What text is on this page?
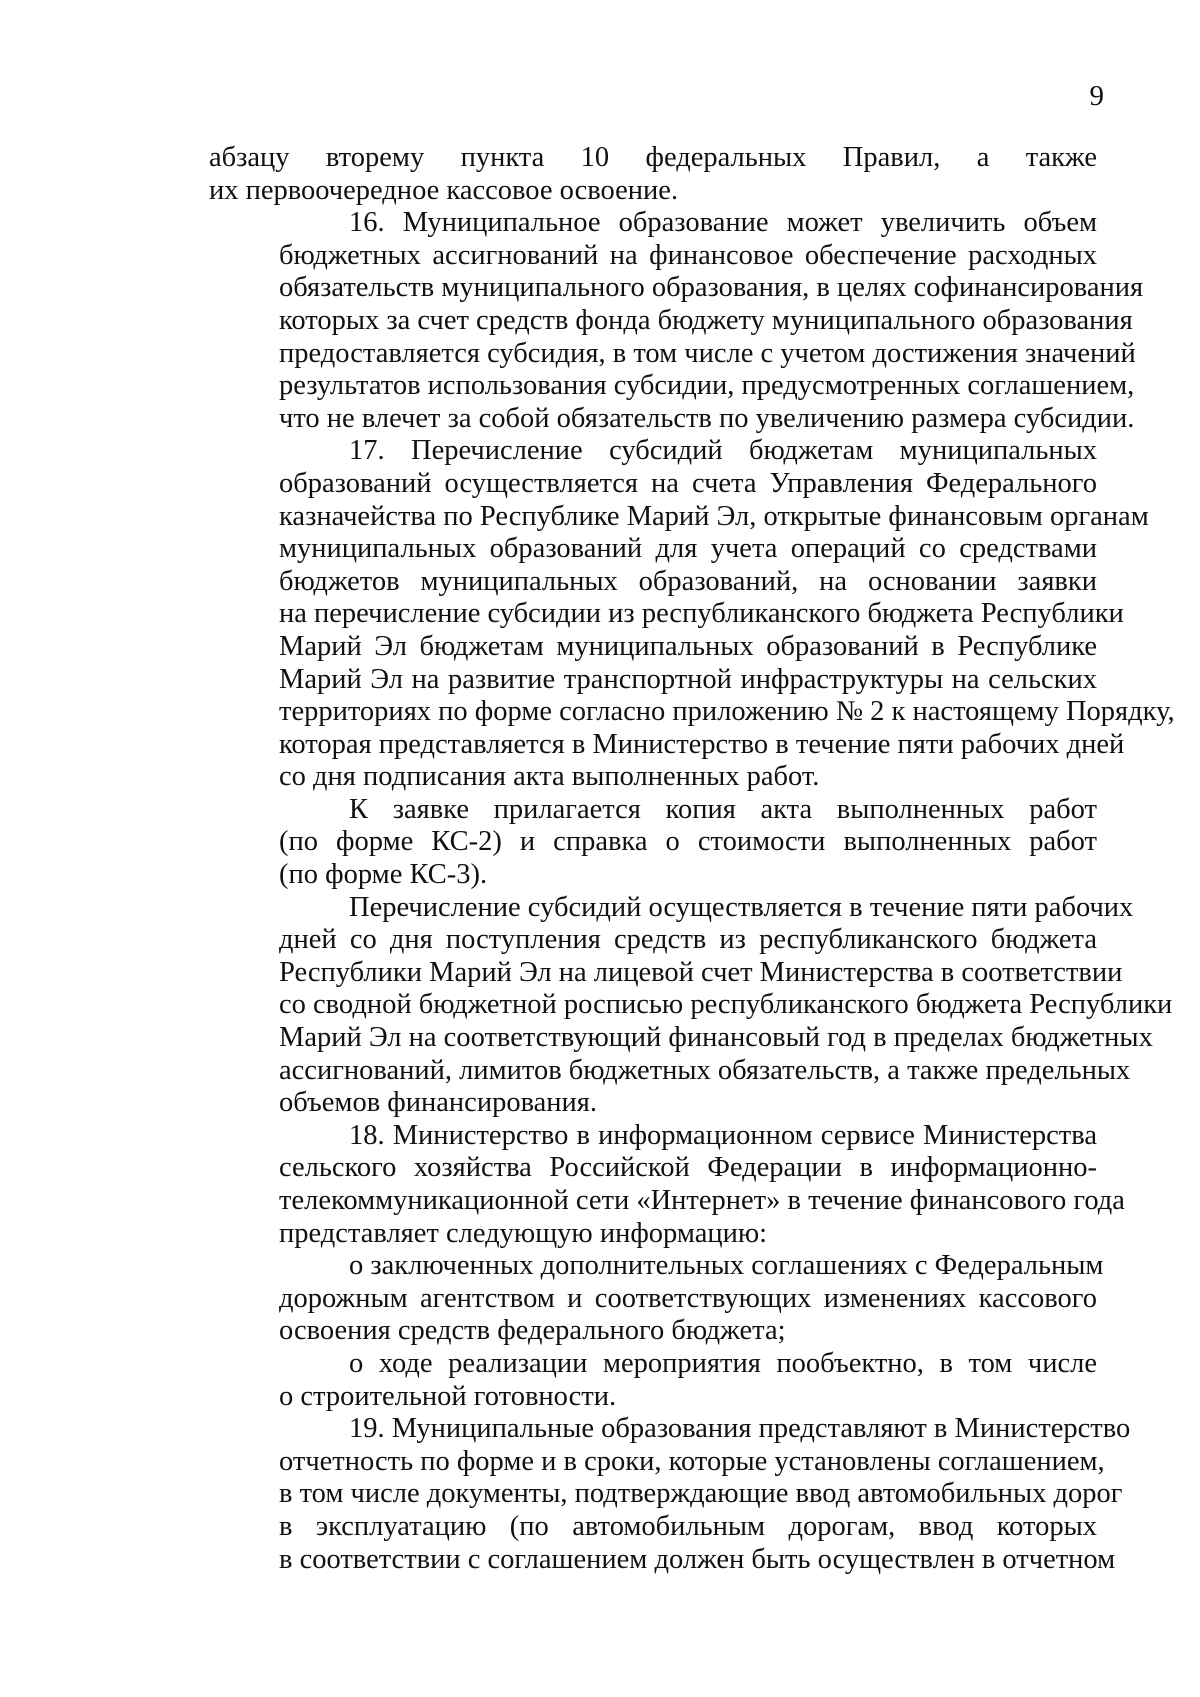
9

абзацу вторему пункта 10 федеральных Правил, а также
их первоочередное кассовое освоение.

16. Муниципальное образование может увеличить объем
бюджетных ассигнований на финансовое обеспечение расходных
обязательств муниципального образования, в целях софинансирования
которых за счет средств фонда бюджету муниципального образования
предоставляется субсидия, в том числе с учетом достижения значений
результатов использования субсидии, предусмотренных соглашением,
что не влечет за собой обязательств по увеличению размера субсидии.

17. Перечисление субсидий бюджетам муниципальных
образований осуществляется на счета Управления Федерального
казначейства по Республике Марий Эл, открытые финансовым органам
муниципальных образований для учета операций со средствами
бюджетов муниципальных образований, на основании заявки
на перечисление субсидии из республиканского бюджета Республики
Марий Эл бюджетам муниципальных образований в Республике
Марий Эл на развитие транспортной инфраструктуры на сельских
территориях по форме согласно приложению № 2 к настоящему Порядку,
которая представляется в Министерство в течение пяти рабочих дней
со дня подписания акта выполненных работ.

К заявке прилагается копия акта выполненных работ
(по форме КС-2) и справка о стоимости выполненных работ
(по форме КС-3).

Перечисление субсидий осуществляется в течение пяти рабочих
дней со дня поступления средств из республиканского бюджета
Республики Марий Эл на лицевой счет Министерства в соответствии
со сводной бюджетной росписью республиканского бюджета Республики
Марий Эл на соответствующий финансовый год в пределах бюджетных
ассигнований, лимитов бюджетных обязательств, а также предельных
объемов финансирования.

18. Министерство в информационном сервисе Министерства
сельского хозяйства Российской Федерации в информационно-
телекоммуникационной сети «Интернет» в течение финансового года
представляет следующую информацию:

о заключенных дополнительных соглашениях с Федеральным
дорожным агентством и соответствующих изменениях кассового
освоения средств федерального бюджета;

о ходе реализации мероприятия пообъектно, в том числе
о строительной готовности.

19. Муниципальные образования представляют в Министерство
отчетность по форме и в сроки, которые установлены соглашением,
в том числе документы, подтверждающие ввод автомобильных дорог
в эксплуатацию (по автомобильным дорогам, ввод которых
в соответствии с соглашением должен быть осуществлен в отчетном
